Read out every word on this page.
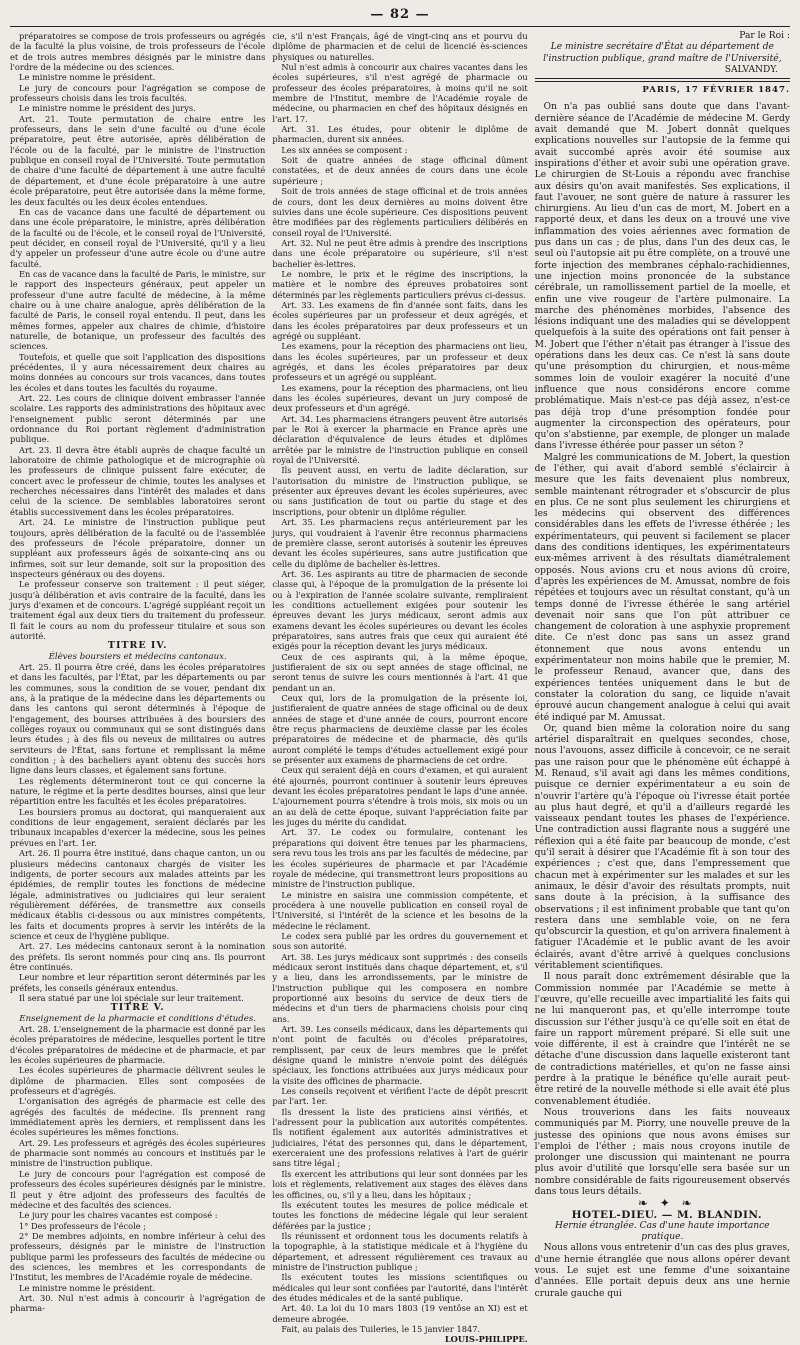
— 82 —

préparatoires se compose de trois professeurs ou agrégés de la faculté la plus voisine, de trois professeurs de l'école et de trois autres membres désignés par le ministre dans l'ordre de la médecine ou des sciences.

Le ministre nomme le président.

Le jury de concours pour l'agrégation se compose de professeurs choisis dans les trois facultés.

Le ministre nomme le président des jurys.

Art. 21. Toute permutation de chaire entre les professeurs, dans le sein d'une faculté ou d'une école préparatoire, peut être autorisée, après délibération de l'école ou de la faculté, par le ministre de l'instruction publique en conseil royal de l'Université. Toute permutation de chaire d'une faculté de département à une autre faculté de département, et d'une école préparatoire à une autre école préparatoire, peut être autorisée dans la même forme, les deux facultés ou les deux écoles entendues.

En cas de vacance dans une faculté de département ou dans une école préparatoire, le ministre, après délibération de la faculté ou de l'école, et le conseil royal de l'Université, peut décider, en conseil royal de l'Université, qu'il y a lieu d'y appeler un professeur d'une autre école ou d'une autre faculté.

En cas de vacance dans la faculté de Paris, le ministre, sur le rapport des inspecteurs généraux, peut appeler un professeur d'une autre faculté de médecine, à la même chaire ou à une chaire analogue, après délibération de la faculté de Paris, le conseil royal entendu. Il peut, dans les mêmes formes, appeler aux chaires de chimie, d'histoire naturelle, de botanique, un professeur des facultés des sciences.

Toutefois, et quelle que soit l'application des dispositions précédentes, il y aura nécessairement deux chaires au moins données au concours sur trois vacances, dans toutes les écoles et dans toutes les facultés du royaume.

Art. 22. Les cours de clinique doivent embrasser l'année scolaire. Les rapports des administrations des hôpitaux avec l'enseignement public seront déterminés par une ordonnance du Roi portant règlement d'administration publique.

Art. 23. Il devra être établi auprès de chaque faculté un laboratoire de chimie pathologique et de micrographie où les professeurs de clinique puissent faire exécuter, de concert avec le professeur de chimie, toutes les analyses et recherches nécessaires dans l'intérêt des malades et dans celui de la science. De semblables laboratoires seront établis successivement dans les écoles préparatoires.

Art. 24. Le ministre de l'instruction publique peut toujours, après délibération de la faculté ou de l'assemblée des professeurs de l'école préparatoire, donner un suppléant aux professeurs âgés de soixante-cinq ans ou infirmes, soit sur leur demande, soit sur la proposition des inspecteurs généraux ou des doyens.

Le professeur conserve son traitement : il peut siéger, jusqu'à délibération et avis contraire de la faculté, dans les jurys d'examen et de concours. L'agrégé suppléant reçoit un traitement égal aux deux tiers du traitement du professeur. Il fait le cours au nom du professeur titulaire et sous son autorité.

TITRE IV.

Élèves boursiers et médecins cantonaux.

Art. 25. Il pourra être créé, dans les écoles préparatoires et dans les facultés, par l'État, par les départements ou par les communes, sous la condition de se vouer, pendant dix ans, à la pratique de la médecine dans les départements ou dans les cantons qui seront déterminés à l'époque de l'engagement, des bourses attribuées à des boursiers des collèges royaux ou communaux qui se sont distingués dans leurs études ; à des fils ou neveux de militaires ou autres serviteurs de l'État, sans fortune et remplissant la même condition ; à des bacheliers ayant obtenu des succès hors ligne dans leurs classes, et également sans fortune.

Les règlements détermineront tout ce qui concerne la nature, le régime et la perte desdites bourses, ainsi que leur répartition entre les facultés et les écoles préparatoires.

Les boursiers promus au doctorat, qui manqueraient aux conditions de leur engagement, seraient déclarés par les tribunaux incapables d'exercer la médecine, sous les peines prévues en l'art. 1er.

Art. 26. Il pourra être institué, dans chaque canton, un ou plusieurs médecins cantonaux chargés de visiter les indigents, de porter secours aux malades atteints par les épidémies, de remplir toutes les fonctions de médecine légale, administratives ou judiciaires qui leur seraient régulièrement déférées, de transmettre aux conseils médicaux établis ci-dessous ou aux ministres compétents, les faits et documents propres à servir les intérêts de la science et ceux de l'hygiène publique.

Art. 27. Les médecins cantonaux seront à la nomination des préfets. Ils seront nommés pour cinq ans. Ils pourront être continués.

Leur nombre et leur répartition seront déterminés par les préfets, les conseils généraux entendus.

Il sera statué par une loi spéciale sur leur traitement.

TITRE V.

Enseignement de la pharmacie et conditions d'études.

Art. 28. L'enseignement de la pharmacie est donné par les écoles préparatoires de médecine, lesquelles portent le titre d'écoles préparatoires de médecine et de pharmacie, et par les écoles supérieures de pharmacie.

Les écoles supérieures de pharmacie délivrent seules le diplôme de pharmacien. Elles sont composées de professeurs et d'agrégés.

L'organisation des agrégés de pharmacie est celle des agrégés des facultés de médecine. Ils prennent rang immédiatement après les derniers, et remplissent dans les écoles supérieures les mêmes fonctions.

Art. 29. Les professeurs et agrégés des écoles supérieures de pharmacie sont nommés au concours et institués par le ministre de l'instruction publique.

Le jury de concours pour l'agrégation est composé de professeurs des écoles supérieures désignés par le ministre. Il peut y être adjoint des professeurs des facultés de médecine et des facultés des sciences.

Le jury pour les chaires vacantes est composé :

1° Des professeurs de l'école ;

2° De membres adjoints, en nombre inférieur à celui des professeurs, désignés par le ministre de l'instruction publique parmi les professeurs des facultés de médecine ou des sciences, les membres et les correspondants de l'Institut, les membres de l'Académie royale de médecine.

Le ministre nomme le président.

Art. 30. Nul n'est admis à concourir à l'agrégation de pharma-

cie, s'il n'est Français, âgé de vingt-cinq ans et pourvu du diplôme de pharmacien et de celui de licencié ès-sciences physiques ou naturelles.

Nul n'est admis à concourir aux chaires vacantes dans les écoles supérieures, s'il n'est agrégé de pharmacie ou professeur des écoles préparatoires, à moins qu'il ne soit membre de l'Institut, membre de l'Académie royale de médecine, ou pharmacien en chef des hôpitaux désignés en l'art. 17.

Art. 31. Les études, pour obtenir le diplôme de pharmacien, durent six années.

Les six années se composent :

Soit de quatre années de stage officinal dûment constatées, et de deux années de cours dans une école supérieure ;

Soit de trois années de stage officinal et de trois années de cours, dont les deux dernières au moins doivent être suivies dans une école supérieure. Ces dispositions peuvent être modifiées par des règlements particuliers délibérés en conseil royal de l'Université.

Art. 32. Nul ne peut être admis à prendre des inscriptions dans une école préparatoire ou supérieure, s'il n'est bachelier ès-lettres.

Le nombre, le prix et le régime des inscriptions, la matière et le nombre des épreuves probatoires sont déterminés par les règlements particuliers prévus ci-dessus.

Art. 33. Les examens de fin d'année sont faits, dans les écoles supérieures par un professeur et deux agrégés, et dans les écoles préparatoires par deux professeurs et un agrégé ou suppléant.

Les examens, pour la réception des pharmaciens ont lieu, dans les écoles supérieures, par un professeur et deux agrégés, et dans les écoles préparatoires par deux professeurs et un agrégé ou suppléant.

Les examens, pour la réception des pharmaciens, ont lieu dans les écoles supérieures, devant un jury composé de deux professeurs et d'un agrégé.

Art. 34. Les pharmaciens étrangers peuvent être autorisés par le Roi à exercer la pharmacie en France après une déclaration d'équivalence de leurs études et diplômes arrêtée par le ministre de l'instruction publique en conseil royal de l'Université.

Ils peuvent aussi, en vertu de ladite déclaration, sur l'autorisation du ministre de l'instruction publique, se présenter aux épreuves devant les écoles supérieures, avec ou sans justification de tout ou partie du stage et des inscriptions, pour obtenir un diplôme régulier.

Art. 35. Les pharmaciens reçus antérieurement par les jurys, qui voudraient à l'avenir être reconnus pharmaciens de première classe, seront autorisés à soutenir les épreuves devant les écoles supérieures, sans autre justification que celle du diplôme de bachelier ès-lettres.

Art. 36. Les aspirants au titre de pharmacien de seconde classe qui, à l'époque de la promulgation de la présente loi ou à l'expiration de l'année scolaire suivante, rempliraient les conditions actuellement exigées pour soutenir les épreuves devant les jurys médicaux, seront admis aux examens devant les écoles supérieures ou devant les écoles préparatoires, sans autres frais que ceux qui auraient été exigés pour la réception devant les jurys médicaux.

Ceux de ces aspirants qui, à la même époque, justifieraient de six ou sept années de stage officinal, ne seront tenus de suivre les cours mentionnés à l'art. 41 que pendant un an.

Ceux qui, lors de la promulgation de la présente loi, justifieraient de quatre années de stage officinal ou de deux années de stage et d'une année de cours, pourront encore être reçus pharmaciens de deuxième classe par les écoles préparatoires de médecine et de pharmacie, dès qu'ils auront complété le temps d'études actuellement exigé pour se présenter aux examens de pharmaciens de cet ordre.

Ceux qui seraient déjà en cours d'examen, et qui auraient été ajournés, pourront continuer à soutenir leurs épreuves devant les écoles préparatoires pendant le laps d'une année. L'ajournement pourra s'étendre à trois mois, six mois ou un an au delà de cette époque, suivant l'appréciation faite par les juges du mérite du candidat.

Art. 37. Le codex ou formulaire, contenant les préparations qui doivent être tenues par les pharmaciens, sera revu tous les trois ans par les facultés de médecine, par les écoles supérieures de pharmacie et par l'Académie royale de médecine, qui transmettront leurs propositions au ministre de l'instruction publique.

Le ministre en saisira une commission compétente, et procédera à une nouvelle publication en conseil royal de l'Université, si l'intérêt de la science et les besoins de la médecine le réclament.

Le codex sera publié par les ordres du gouvernement et sous son autorité.

Art. 38. Les jurys médicaux sont supprimés : des conseils médicaux seront institués dans chaque département, et, s'il y a lieu, dans les arrondissements, par le ministre de l'instruction publique qui les composera en nombre proportionné aux besoins du service de deux tiers de médecins et d'un tiers de pharmaciens choisis pour cinq ans.

Art. 39. Les conseils médicaux, dans les départements qui n'ont point de facultés ou d'écoles préparatoires, remplissent, par ceux de leurs membres que le préfet désigne quand le ministre n'envoie point des délégués spéciaux, les fonctions attribuées aux jurys médicaux pour la visite des officines de pharmacie.

Les conseils reçoivent et vérifient l'acte de dépôt prescrit par l'art. 1er.

Ils dressent la liste des praticiens ainsi vérifiés, et l'adressent pour la publication aux autorités compétentes. Ils notifient également aux autorités administratives et judiciaires, l'état des personnes qui, dans le département, exerceraient une des professions relatives à l'art de guérir sans titre légal ;

Ils exercent les attributions qui leur sont données par les lois et règlements, relativement aux stages des élèves dans les officines, ou, s'il y a lieu, dans les hôpitaux ;

Ils exécutent toutes les mesures de police médicale et toutes les fonctions de médecine légale qui leur seraient déférées par la justice ;

Ils réunissent et ordonnent tous les documents relatifs à la topographie, à la statistique médicale et à l'hygiène du département, et adressent régulièrement ces travaux au ministre de l'instruction publique ;

Ils exécutent toutes les missions scientifiques ou médicales qui leur sont confiées par l'autorité, dans l'intérêt des études médicales et de la santé publique.

Art. 40. La loi du 10 mars 1803 (19 ventôse an XI) est et demeure abrogée.

Fait, au palais des Tuileries, le 15 janvier 1847.

LOUIS-PHILIPPE.

Par le Roi :

Le ministre secrétaire d'État au département de l'instruction publique, grand maître de l'Université,

SALVANDY.

PARIS, 17 FÉVRIER 1847.

On n'a pas oublié sans doute que dans l'avant-dernière séance de l'Académie de médecine M. Gerdy avait demandé que M. Jobert donnât quelques explications nouvelles sur l'autopsie de la femme qui avait succombé après avoir été soumise aux inspirations d'éther et avoir subi une opération grave. Le chirurgien de St-Louis a répondu avec franchise aux désirs qu'on avait manifestés. Ses explications, il faut l'avouer, ne sont guère de nature à rassurer les chirurgiens. Au lieu d'un cas de mort, M. Jobert en a rapporté deux, et dans les deux on a trouvé une vive inflammation des voies aériennes avec formation de pus dans un cas ; de plus, dans l'un des deux cas, le seul où l'autopsie ait pu être complète, on a trouvé une forte injection des membranes céphalo-rachidiennes, une injection moins prononcée de la substance cérébrale, un ramollissement partiel de la moelle, et enfin une vive rougeur de l'artère pulmonaire. La marche des phénomènes morbides, l'absence des lésions indiquant une des maladies qui se développent quelquefois à la suite des opérations ont fait penser à M. Jobert que l'éther n'était pas étranger à l'issue des opérations dans les deux cas. Ce n'est là sans doute qu'une présomption du chirurgien, et nous-même sommes loin de vouloir exagérer la nocuité d'une influence que nous considérons encore comme problématique. Mais n'est-ce pas déjà assez, n'est-ce pas déjà trop d'une présomption fondée pour augmenter la circonspection des opérateurs, pour qu'on s'abstienne, par exemple, de plonger un malade dans l'ivresse éthérée pour passer un séton ?

Malgré les communications de M. Jobert, la question de l'éther, qui avait d'abord semblé s'éclaircir à mesure que les faits devenaient plus nombreux, semble maintenant rétrograder et s'obscurcir de plus en plus. Ce ne sont plus seulement les chirurgiens et les médecins qui observent des différences considérables dans les effets de l'ivresse éthérée ; les expérimentateurs, qui peuvent si facilement se placer dans des conditions identiques, les expérimentateurs eux-mêmes arrivent à des résultats diamétralement opposés. Nous avions cru et nous avions dû croire, d'après les expériences de M. Amussat, nombre de fois répétées et toujours avec un résultat constant, qu'à un temps donné de l'ivresse éthérée le sang artériel devenait noir sans que l'on pût attribuer ce changement de coloration à une asphyxie proprement dite. Ce n'est donc pas sans un assez grand étonnement que nous avons entendu un expérimentateur non moins habile que le premier, M. le professeur Renaud, avancer que, dans des expériences tentées uniquement dans le but de constater la coloration du sang, ce liquide n'avait éprouvé aucun changement analogue à celui qui avait été indiqué par M. Amussat.

Or, quand bien même la coloration noire du sang artériel disparaîtrait en quelques secondes, chose, nous l'avouons, assez difficile à concevoir, ce ne serait pas une raison pour que le phénomène eût échappé à M. Renaud, s'il avait agi dans les mêmes conditions, puisque ce dernier expérimentateur a eu soin de n'ouvrir l'artère qu'à l'époque où l'ivresse était portée au plus haut degré, et qu'il a d'ailleurs regardé les vaisseaux pendant toutes les phases de l'expérience. Une contradiction aussi flagrante nous a suggéré une réflexion qui a été faite par beaucoup de monde, c'est qu'il serait à désirer que l'Académie fît à son tour des expériences ; c'est que, dans l'empressement que chacun met à expérimenter sur les malades et sur les animaux, le désir d'avoir des résultats prompts, nuit sans doute à la précision, à la suffisance des observations ; il est infiniment probable que tant qu'on restera dans une semblable voie, on ne fera qu'obscurcir la question, et qu'on arrivera finalement à fatiguer l'Académie et le public avant de les avoir éclairés, avant d'être arrivé à quelques conclusions véritablement scientifiques.

Il nous paraît donc extrêmement désirable que la Commission nommée par l'Académie se mette à l'œuvre, qu'elle recueille avec impartialité les faits qui ne lui manqueront pas, et qu'elle interrompe toute discussion sur l'éther jusqu'à ce qu'elle soit en état de faire un rapport mûrement préparé. Si elle suit une voie différente, il est à craindre que l'intérêt ne se détache d'une discussion dans laquelle existeront tant de contradictions matérielles, et qu'on ne fasse ainsi perdre à la pratique le bénéfice qu'elle aurait peut-être retiré de la nouvelle méthode si elle avait été plus convenablement étudiée.

Nous trouverions dans les faits nouveaux communiqués par M. Piorry, une nouvelle preuve de la justesse des opinions que nous avons émises sur l'emploi de l'éther ; mais nous croyons inutile de prolonger une discussion qui maintenant ne pourra plus avoir d'utilité que lorsqu'elle sera basée sur un nombre considérable de faits rigoureusement observés dans tous leurs détails.

❧ ✦ ❧

HOTEL-DIEU. — M. BLANDIN.

Hernie étranglée. Cas d'une haute importance pratique.

Nous allons vous entretenir d'un cas des plus graves, d'une hernie étranglée que nous allons opérer devant vous. Le sujet est une femme d'une soixantaine d'années. Elle portait depuis deux ans une hernie crurale gauche qui
